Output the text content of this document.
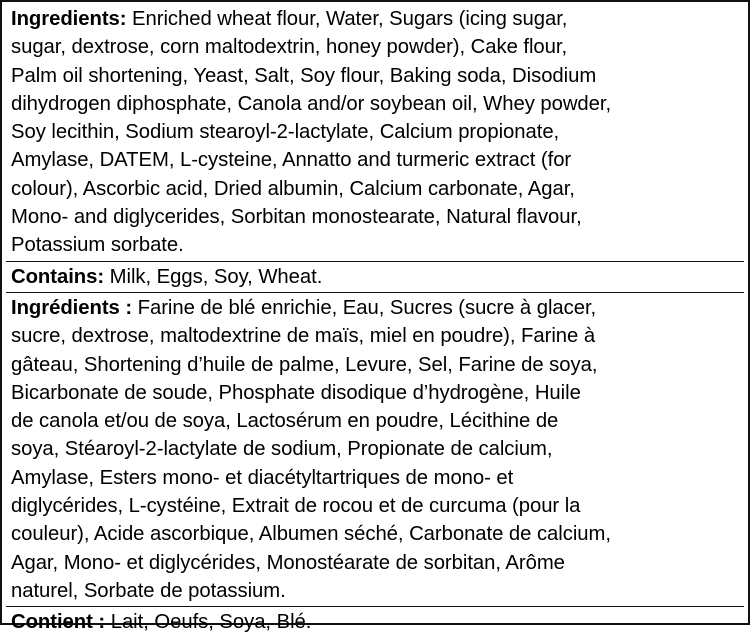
Ingredients: Enriched wheat flour, Water, Sugars (icing sugar,
sugar, dextrose, corn maltodextrin, honey powder), Cake flour,
Palm oil shortening, Yeast, Salt, Soy flour, Baking soda, Disodium
dihydrogen diphosphate, Canola and/or soybean oil, Whey powder,
Soy lecithin, Sodium stearoyl-2-lactylate, Calcium propionate,
Amylase, DATEM, L-cysteine, Annatto and turmeric extract (for
colour), Ascorbic acid, Dried albumin, Calcium carbonate, Agar,
Mono- and diglycerides, Sorbitan monostearate, Natural flavour,
Potassium sorbate.
Contains: Milk, Eggs, Soy, Wheat.
Ingrédients : Farine de blé enrichie, Eau, Sucres (sucre à glacer,
sucre, dextrose, maltodextrine de maïs, miel en poudre), Farine à
gâteau, Shortening d’huile de palme, Levure, Sel, Farine de soya,
Bicarbonate de soude, Phosphate disodique d’hydrogène, Huile
de canola et/ou de soya, Lactosérum en poudre, Lécithine de
soya, Stéaroyl-2-lactylate de sodium, Propionate de calcium,
Amylase, Esters mono- et diacétyltartriques de mono- et
diglycérides, L-cystéine, Extrait de rocou et de curcuma (pour la
couleur), Acide ascorbique, Albumen séché, Carbonate de calcium,
Agar, Mono- et diglycérides, Monostéarate de sorbitan, Arôme
naturel, Sorbate de potassium.
Contient : Lait, Oeufs, Soya, Blé.
